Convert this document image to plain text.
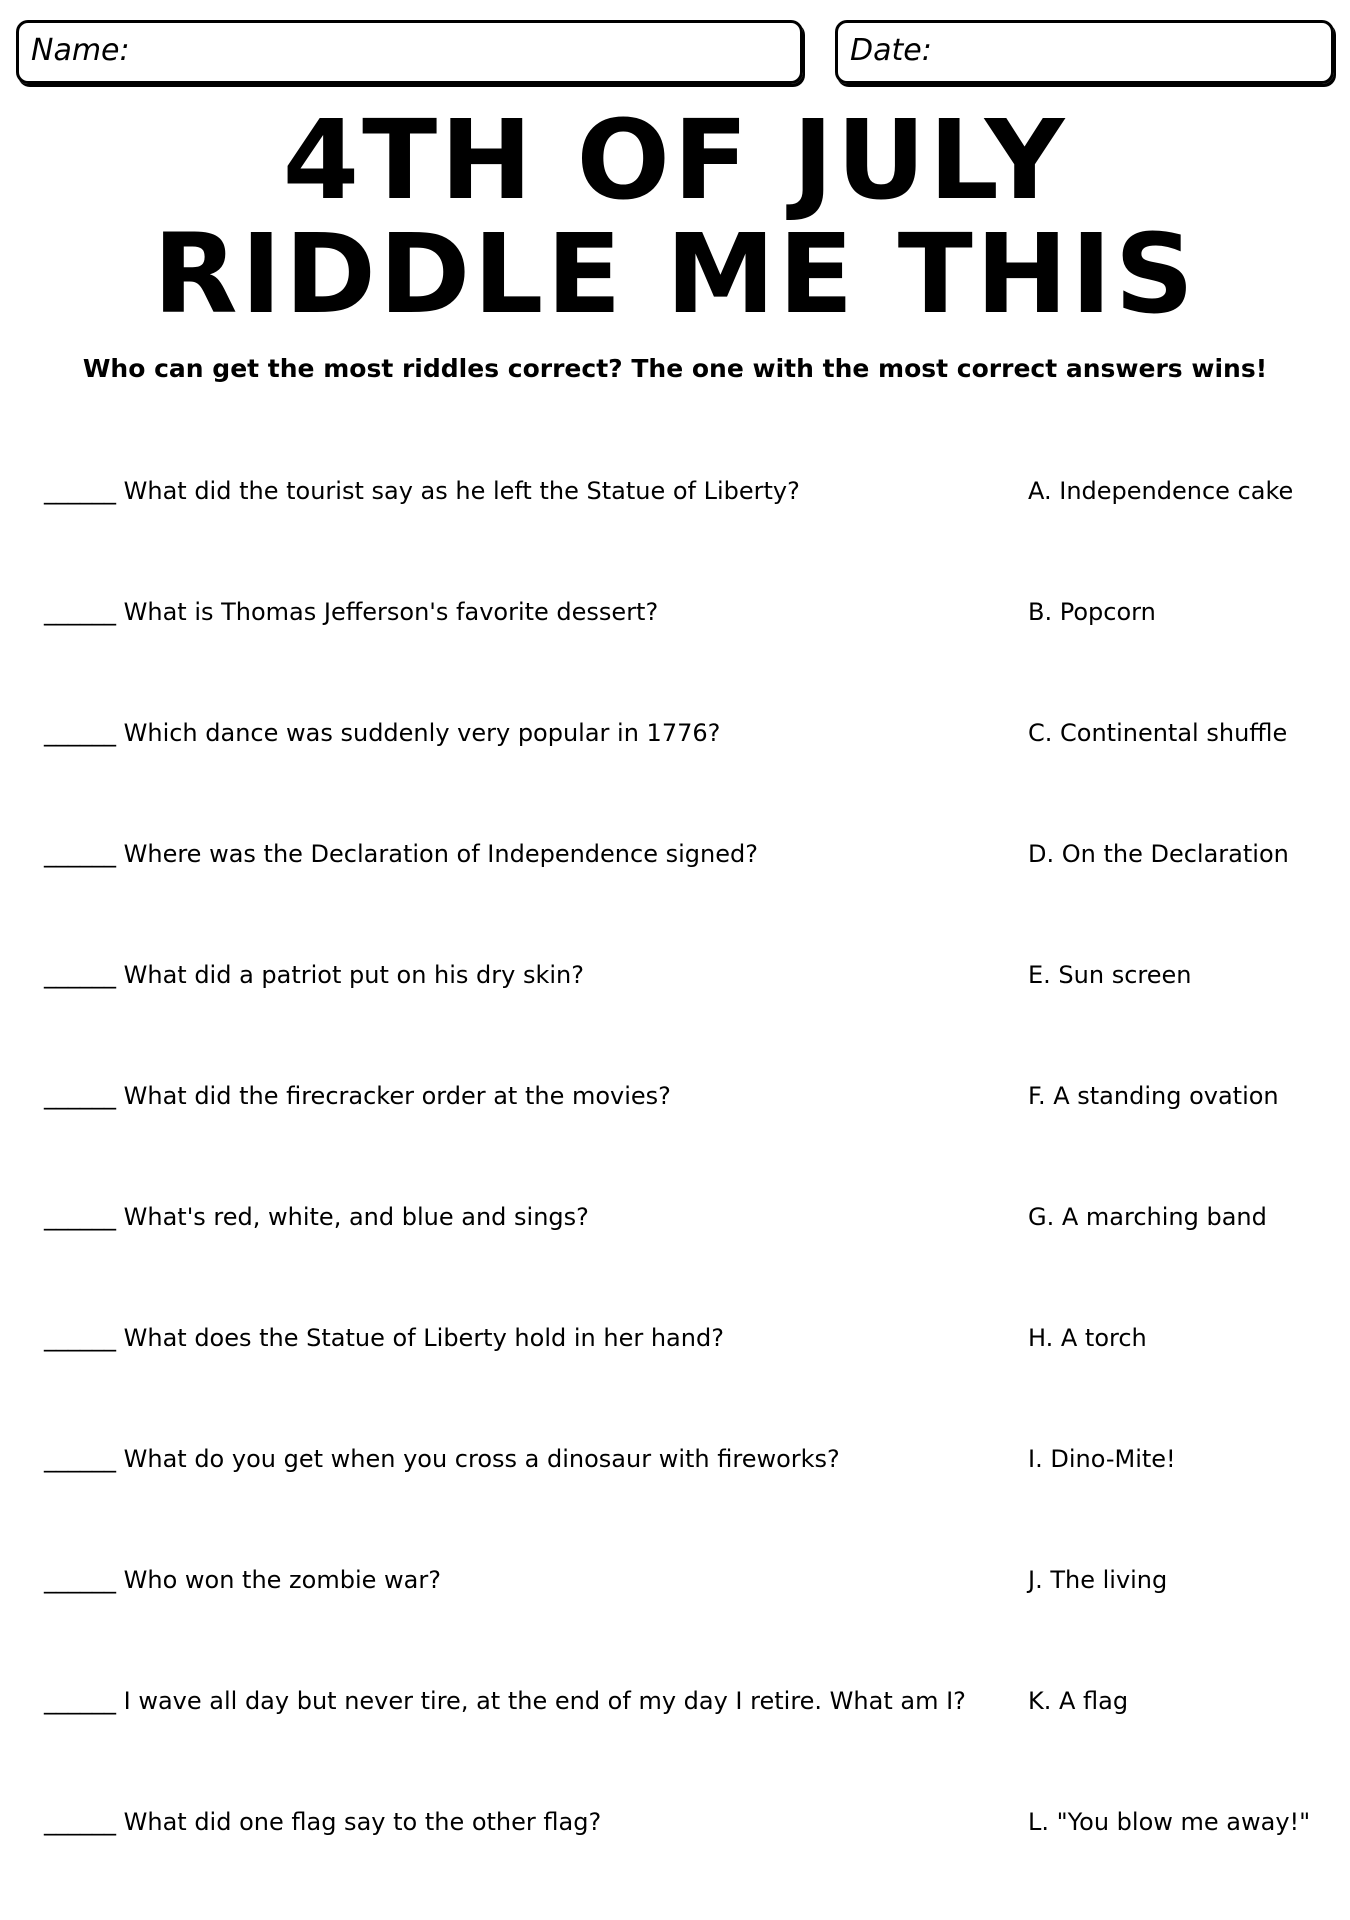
Name:	Date:
4TH OF JULY
RIDDLE ME THIS
Who can get the most riddles correct? The one with the most correct answers wins!
______ What did the tourist say as he left the Statue of Liberty?	A. Independence cake
______ What is Thomas Jefferson's favorite dessert?	B. Popcorn
______ Which dance was suddenly very popular in 1776?	C. Continental shuffle
______ Where was the Declaration of Independence signed?	D. On the Declaration
______ What did a patriot put on his dry skin?	E. Sun screen
______ What did the firecracker order at the movies?	F. A standing ovation
______ What's red, white, and blue and sings?	G. A marching band
______ What does the Statue of Liberty hold in her hand?	H. A torch
______ What do you get when you cross a dinosaur with fireworks?	I. Dino-Mite!
______ Who won the zombie war?	J. The living
______ I wave all day but never tire, at the end of my day I retire. What am I?	K. A flag
______ What did one flag say to the other flag?	L. "You blow me away!"
